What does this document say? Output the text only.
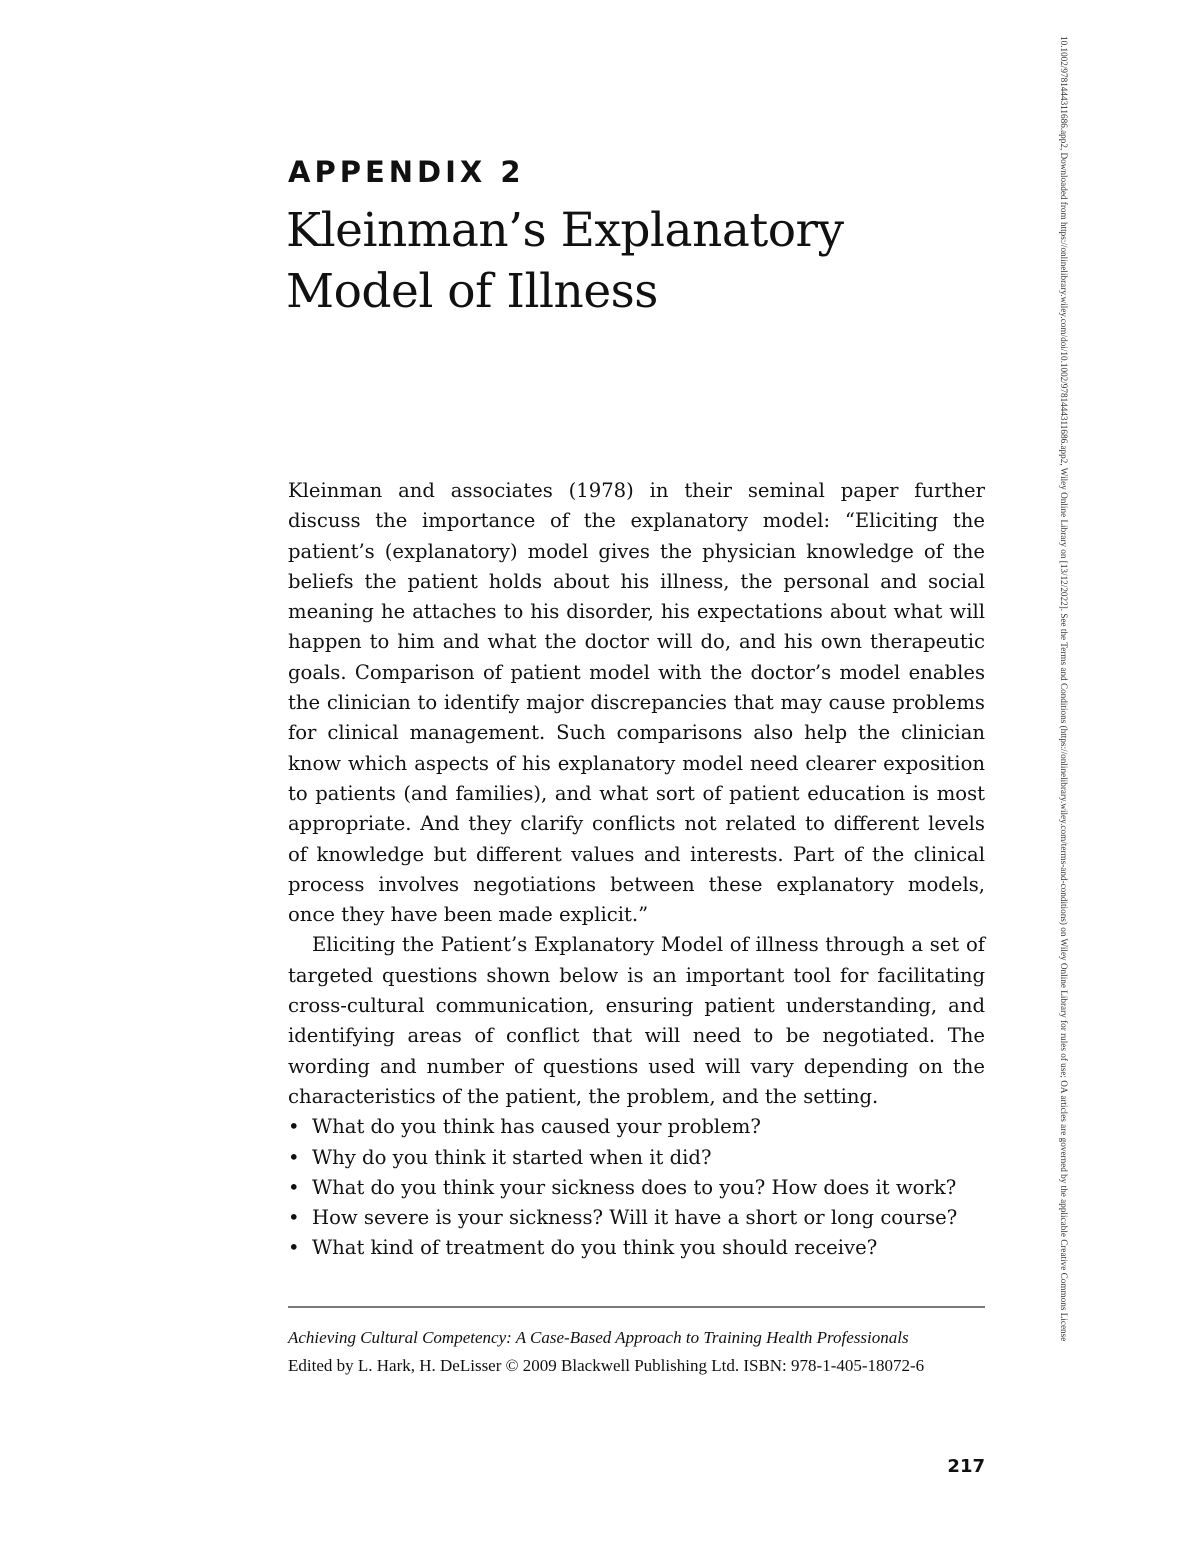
APPENDIX 2
Kleinman’s Explanatory
Model of Illness

Kleinman and associates (1978) in their seminal paper further discuss the importance of the explanatory model: “Eliciting the patient’s (explanatory) model gives the physician knowledge of the beliefs the patient holds about his illness, the personal and social meaning he attaches to his disorder, his expectations about what will happen to him and what the doctor will do, and his own therapeutic goals. Comparison of patient model with the doctor’s model enables the clinician to identify major discrepancies that may cause problems for clinical management. Such comparisons also help the clinician know which aspects of his explanatory model need clearer exposition to patients (and families), and what sort of patient education is most appropriate. And they clarify conflicts not related to different levels of knowledge but different values and interests. Part of the clinical process involves negotiations between these explanatory models, once they have been made explicit.”

Eliciting the Patient’s Explanatory Model of illness through a set of targeted questions shown below is an important tool for facilitating cross-cultural communication, ensuring patient understanding, and identifying areas of conflict that will need to be negotiated. The wording and number of questions used will vary depending on the characteristics of the patient, the problem, and the setting.

• What do you think has caused your problem?
• Why do you think it started when it did?
• What do you think your sickness does to you? How does it work?
• How severe is your sickness? Will it have a short or long course?
• What kind of treatment do you think you should receive?
Achieving Cultural Competency: A Case-Based Approach to Training Health Professionals
Edited by L. Hark, H. DeLisser © 2009 Blackwell Publishing Ltd. ISBN: 978-1-405-18072-6
217
10.1002/9781444311686.app2, Downloaded from https://onlinelibrary.wiley.com/doi/10.1002/9781444311686.app2, Wiley Online Library on [13/12/2022]. See the Terms and Conditions (https://onlinelibrary.wiley.com/terms-and-conditions) on Wiley Online Library for rules of use; OA articles are governed by the applicable Creative Commons License
